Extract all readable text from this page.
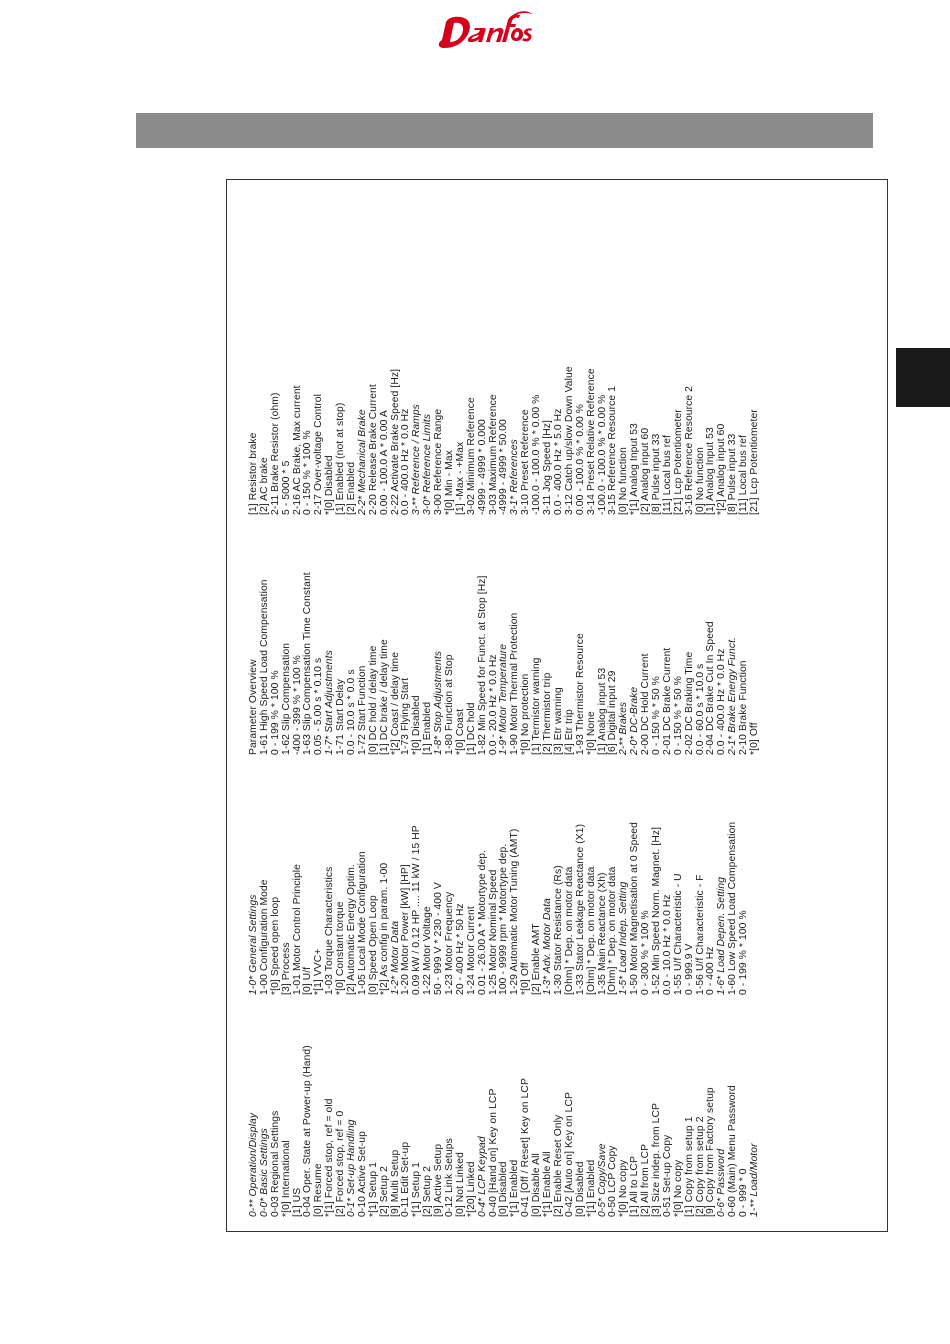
0-** Operation/Display 0-0* Basic Settings 0-03 Regional Settings *[0] International [1] US 0-04 Oper. State at Power-up (Hand) [0] Resume *[1] Forced stop, ref = old [2] Forced stop, ref = 0 0-1* Set-up Handling 0-10 Active Set-up *[1] Setup 1 [2] Setup 2 [9] Multi Setup 0-11 Edit Set-up *[1] Setup 1 [2] Setup 2 [9] Active Setup 0-12 Link Setups [0] Not Linked *[20] Linked 0-4* LCP Keypad 0-40 [Hand on] Key on LCP [0] Disabled *[1] Enabled 0-41 [Off / Reset] Key on LCP [0] Disable All *[1] Enable All [2] Enable Reset Only 0-42 [Auto on] Key on LCP [0] Disabled *[1] Enabled 0-5* Copy/Save 0-50 LCP Copy *[0] No copy [1] All to LCP [2] All from LCP [3] Size indep. from LCP 0-51 Set-up Copy *[0] No copy [1] Copy from setup 1 [2] Copy from setup 2 [9] Copy from Factory setup 0-6* Password 0-60 (Main) Menu Password 0 - 999 * 0 1-** Load/Motor
1-0* General Settings 1-00 Configuration Mode *[0] Speed open loop [3] Process 1-01 Motor Control Principle [0] U/f *[1] VVC+ 1-03 Torque Characteristics *[0] Constant torque [2] Automatic Energy Optim. 1-05 Local Mode Configuration [0] Speed Open Loop *[2] As config in param. 1-00 1-2* Motor Data 1-20 Motor Power [kW] [HP] 0.09 kW / 0.12 HP .... 11 kW / 15 HP 1-22 Motor Voltage 50 - 999 V * 230 - 400 V 1-23 Motor Frequency 20 - 400 Hz * 50 Hz 1-24 Motor Current 0.01 - 26.00 A * Motortype dep. 1-25 Motor Nominal Speed 100 - 9999 rpm * Motortype dep. 1-29 Automatic Motor Tuning (AMT) *[0] Off [2] Enable AMT 1-3* Adv. Motor Data 1-30 Stator Resistance (Rs) [Ohm] * Dep. on motor data 1-33 Stator Leakage Reactance (X1) [Ohm] * Dep. on motor data 1-35 Main Reactance (Xh) [Ohm] * Dep. on motor data 1-5* Load Indep. Setting 1-50 Motor Magnetisation at 0 Speed 0 - 300 % * 100 % 1-52 Min Speed Norm. Magnet. [Hz] 0.0 - 10.0 Hz * 0.0 Hz 1-55 U/f Characteristic - U 0 - 999.9 V 1-56 U/f Characteristic - F 0 - 400 Hz 1-6* Load Depen. Setting 1-60 Low Speed Load Compensation 0 - 199 % * 100 %
Parameter Overview 1-61 High Speed Load Compensation 0 - 199 % * 100 % 1-62 Slip Compensation -400 - 399 % * 100 % 1-63 Slip Compensation Time Constant 0.05 - 5.00 s * 0.10 s 1-7* Start Adjustments 1-71 Start Delay 0.0 - 10.0 s * 0.0 s 1-72 Start Function [0] DC hold / delay time [1] DC brake / delay time *[2] Coast / delay time 1-73 Flying Start *[0] Disabled [1] Enabled 1-8* Stop Adjustments 1-80 Function at Stop *[0] Coast [1] DC hold 1-82 Min Speed for Funct. at Stop [Hz] 0.0 - 20.0 Hz * 0.0 Hz 1-9* Motor Temperature 1-90 Motor Thermal Protection *[0] No protection [1] Termistor warning [2] Thermistor trip [3] Etr warning [4] Etr trip 1-93 Thermistor Resource *[0] None [1] Analog input 53 [6] Digital input 29 2-** Brakes 2-0* DC-Brake 2-00 DC Hold Current 0 - 150 % * 50 % 2-01 DC Brake Current 0 - 150 % * 50 % 2-02 DC Braking Time 0.0 - 60.0 s * 10.0 s 2-04 DC Brake Cut In Speed 0.0 - 400.0 Hz * 0.0 Hz 2-1* Brake Energy Funct. 2-10 Brake Function *[0] Off
[1] Resistor brake [2] AC brake 2-11 Brake Resistor (ohm) 5 - 5000 * 5 2-16 AC Brake, Max current 0 - 150 % * 100 % 2-17 Over-voltage Control *[0] Disabled [1] Enabled (not at stop) [2] Enabled 2-2* Mechanical Brake 2-20 Release Brake Current 0.00 - 100.0 A * 0.00 A 2-22 Activate Brake Speed [Hz] 0.0 - 400.0 Hz * 0.0 Hz 3-** Reference / Ramps 3-0* Reference Limits 3-00 Reference Range *[0] Min - Max [1] -Max - +Max 3-02 Minimum Reference -4999 - 4999 * 0.000 3-03 Maximum Reference -4999 - 4999 * 50.00 3-1* References 3-10 Preset Reference -100.0 - 100.0 % * 0.00 % 3-11 Jog Speed [Hz] 0.0 - 400.0 Hz * 5.0 Hz 3-12 Catch up/slow Down Value 0.00 - 100.0 % * 0.00 % 3-14 Preset Relative Reference -100.0 - 100.0 % * 0.00 % 3-15 Reference Resource 1 [0] No function *[1] Analog Input 53 [2] Analog input 60 [8] Pulse input 33 [11] Local bus ref [21] Lcp Potentiometer 3-16 Reference Resource 2 [0] No function [1] Analog Input 53 *[2] Analog input 60 [8] Pulse input 33 [11] Local bus ref [21] Lcp Potentiometer
